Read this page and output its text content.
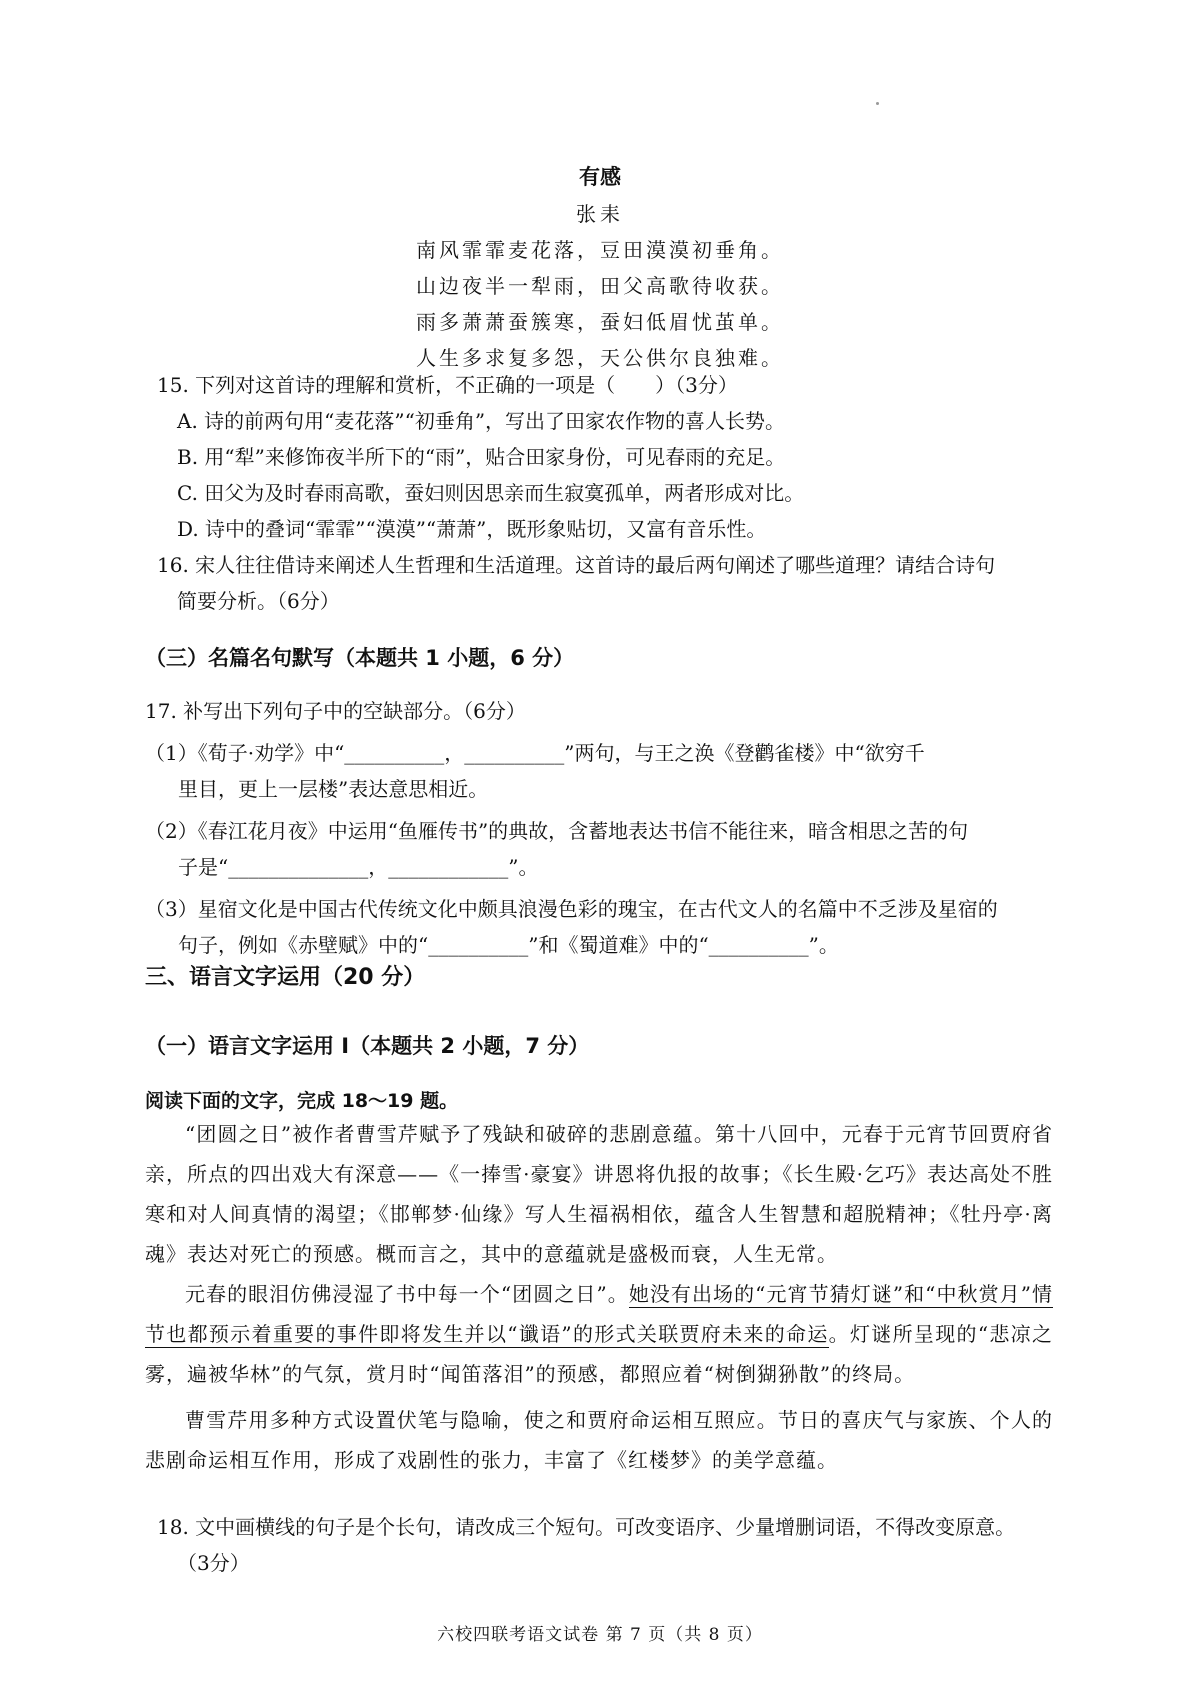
有感
张耒
南风霏霏麦花落，豆田漠漠初垂角。
山边夜半一犁雨，田父高歌待收获。
雨多萧萧蚕簇寒，蚕妇低眉忧茧单。
人生多求复多怨，天公供尔良独难。
15. 下列对这首诗的理解和赏析，不正确的一项是（　　）（3分）
A. 诗的前两句用“麦花落”“初垂角”，写出了田家农作物的喜人长势。
B. 用“犁”来修饰夜半所下的“雨”，贴合田家身份，可见春雨的充足。
C. 田父为及时春雨高歌，蚕妇则因思亲而生寂寞孤单，两者形成对比。
D. 诗中的叠词“霏霏”“漠漠”“萧萧”，既形象贴切，又富有音乐性。
16. 宋人往往借诗来阐述人生哲理和生活道理。这首诗的最后两句阐述了哪些道理？请结合诗句
简要分析。（6分）
（三）名篇名句默写（本题共 1 小题，6 分）
17. 补写出下列句子中的空缺部分。（6分）
（1）《荀子·劝学》中“__________，__________”两句，与王之涣《登鹳雀楼》中“欲穷千
里目，更上一层楼”表达意思相近。
（2）《春江花月夜》中运用“鱼雁传书”的典故，含蓄地表达书信不能往来，暗含相思之苦的句
子是“______________，____________”。
（3）星宿文化是中国古代传统文化中颇具浪漫色彩的瑰宝，在古代文人的名篇中不乏涉及星宿的
句子，例如《赤壁赋》中的“__________”和《蜀道难》中的“__________”。
三、语言文字运用（20 分）
（一）语言文字运用 Ⅰ（本题共 2 小题，7 分）
阅读下面的文字，完成 18～19 题。

“团圆之日”被作者曹雪芹赋予了残缺和破碎的悲剧意蕴。第十八回中，元春于元宵节回贾府省亲，所点的四出戏大有深意——《一捧雪·豪宴》讲恩将仇报的故事；《长生殿·乞巧》表达高处不胜寒和对人间真情的渴望；《邯郸梦·仙缘》写人生福祸相依，蕴含人生智慧和超脱精神；《牡丹亭·离魂》表达对死亡的预感。概而言之，其中的意蕴就是盛极而衰，人生无常。

元春的眼泪仿佛浸湿了书中每一个“团圆之日”。她没有出场的“元宵节猜灯谜”和“中秋赏月”情节也都预示着重要的事件即将发生并以“谶语”的形式关联贾府未来的命运。灯谜所呈现的“悲凉之雾，遍被华林”的气氛，赏月时“闻笛落泪”的预感，都照应着“树倒猢狲散”的终局。

曹雪芹用多种方式设置伏笔与隐喻，使之和贾府命运相互照应。节日的喜庆气与家族、个人的悲剧命运相互作用，形成了戏剧性的张力，丰富了《红楼梦》的美学意蕴。

18. 文中画横线的句子是个长句，请改成三个短句。可改变语序、少量增删词语，不得改变原意。
（3分）
六校四联考语文试卷 第 7 页（共 8 页）
